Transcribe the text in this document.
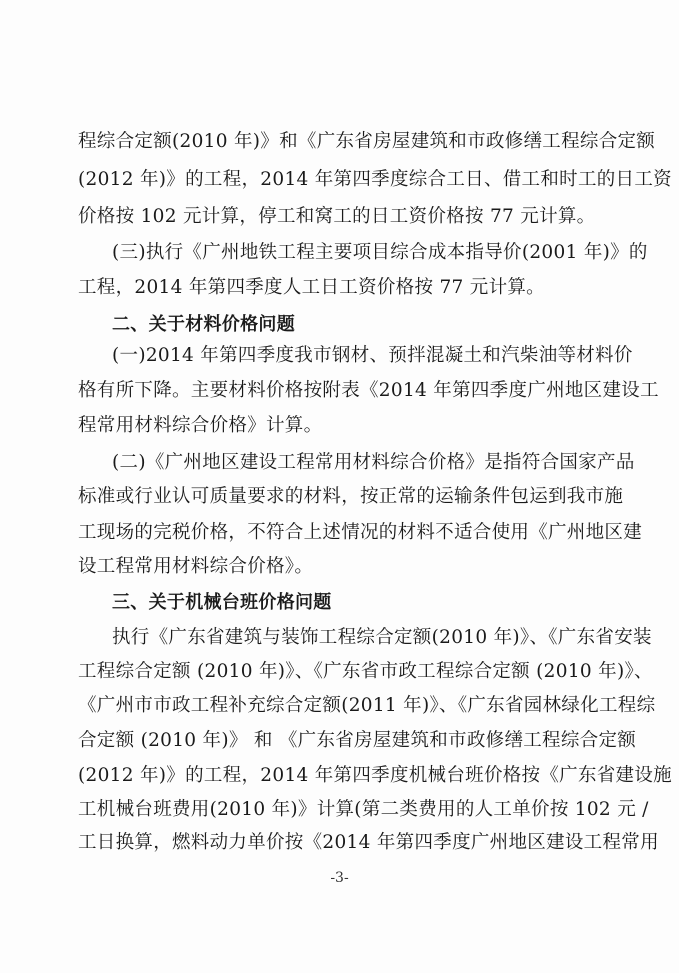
程综合定额(2010 年)》和《广东省房屋建筑和市政修缮工程综合定额
(2012 年)》的工程，2014 年第四季度综合工日、借工和时工的日工资
价格按 102 元计算，停工和窝工的日工资价格按 77 元计算。
(三)执行《广州地铁工程主要项目综合成本指导价(2001 年)》的
工程，2014 年第四季度人工日工资价格按 77 元计算。
二、关于材料价格问题
(一)2014 年第四季度我市钢材、预拌混凝土和汽柴油等材料价
格有所下降。主要材料价格按附表《2014 年第四季度广州地区建设工
程常用材料综合价格》计算。
(二)《广州地区建设工程常用材料综合价格》是指符合国家产品
标准或行业认可质量要求的材料，按正常的运输条件包运到我市施
工现场的完税价格，不符合上述情况的材料不适合使用《广州地区建
设工程常用材料综合价格》。
三、关于机械台班价格问题
执行《广东省建筑与装饰工程综合定额(2010 年)》、《广东省安装
工程综合定额 (2010 年)》、《广东省市政工程综合定额 (2010 年)》、
《广州市市政工程补充综合定额(2011 年)》、《广东省园林绿化工程综
合定额 (2010 年)》 和 《广东省房屋建筑和市政修缮工程综合定额
(2012 年)》的工程，2014 年第四季度机械台班价格按《广东省建设施
工机械台班费用(2010 年)》计算(第二类费用的人工单价按 102 元 /
工日换算，燃料动力单价按《2014 年第四季度广州地区建设工程常用
-3-
